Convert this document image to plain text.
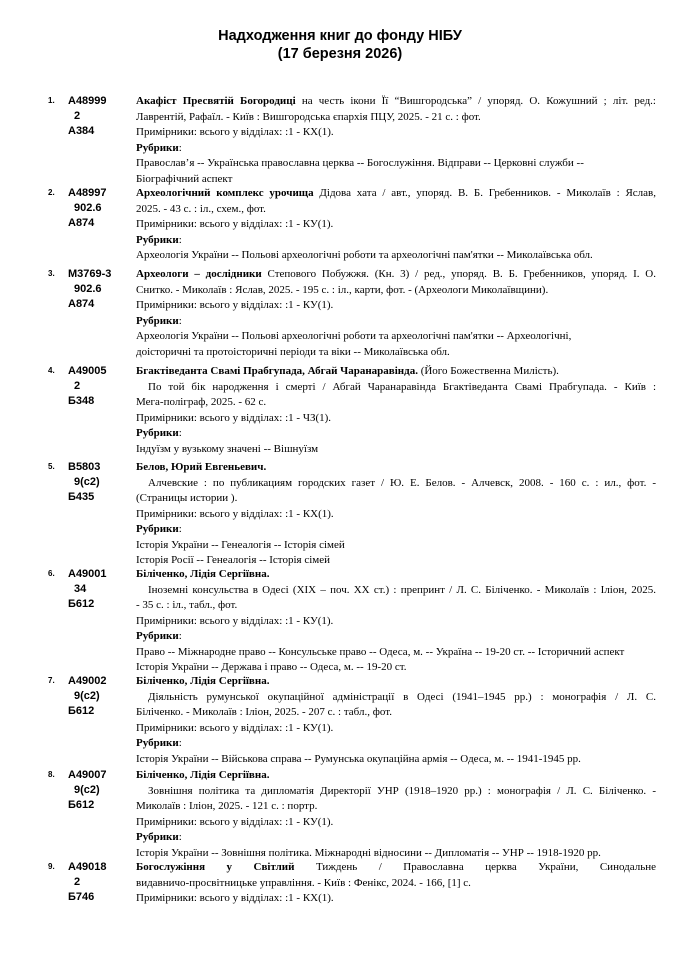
Надходження книг до фонду НІБУ
(17 березня 2026)
1. А48999
2
А384
Акафіст Пресвятій Богородиці на честь ікони Її “Вишгородська” / упоряд. О. Кожушний ; літ. ред.:
Лаврентій, Рафаїл. - Київ : Вишгородська єпархія ПЦУ, 2025. - 21 с. : фот.
Примірники: всього у відділах: :1 - КХ(1).
Рубрики:
Православ’я -- Українська православна церква -- Богослужіння. Відправи -- Церковні служби --
Біографічний аспект
2. А48997
902.6
А874
Археологічний комплекс урочища Дідова хата / авт., упоряд. В. Б. Гребенников. - Миколаїв : Яслав,
2025. - 43 с. : іл., схем., фот.
Примірники: всього у відділах: :1 - КУ(1).
Рубрики:
Археологія України -- Польові археологічні роботи та археологічні пам'ятки -- Миколаївська обл.
3. М3769-3
902.6
А874
Археологи – дослідники Степового Побужжя. (Кн. 3) / ред., упоряд. В. Б. Гребенников, упоряд. І. О.
Снитко. - Миколаїв : Яслав, 2025. - 195 с. : іл., карти, фот. - (Археологи Миколаївщини).
Примірники: всього у відділах: :1 - КУ(1).
Рубрики:
Археологія України -- Польові археологічні роботи та археологічні пам'ятки -- Археологічні,
доісторичні та протоісторичні періоди та віки -- Миколаївська обл.
4. А49005
2
Б348
Бгактіведанта Свамі Прабгупада, Абгай Чаранаравінда. (Його Божественна Милість).
По той бік народження і смерті / Абгай Чаранаравінда Бгактіведанта Свамі Прабгупада. - Київ :
Мега-поліграф, 2025. - 62 с.
Примірники: всього у відділах: :1 - ЧЗ(1).
Рубрики:
Індуїзм у вузькому значені -- Вішнуїзм
5. В5803
9(с2)
Б435
Белов, Юрий Евгеньевич.
Алчевские : по публикациям городских газет / Ю. Е. Белов. - Алчевск, 2008. - 160 с. : ил., фот. -
(Страницы истории ).
Примірники: всього у відділах: :1 - КХ(1).
Рубрики:
Історія України -- Генеалогія -- Історія сімей
Історія Росії -- Генеалогія -- Історія сімей
6. А49001
34
Б612
Біліченко, Лідія Сергіївна.
Іноземні консульства в Одесі (XIX – поч. XX ст.) : препринт / Л. С. Біліченко. - Миколаїв : Іліон, 2025.
- 35 с. : іл., табл., фот.
Примірники: всього у відділах: :1 - КУ(1).
Рубрики:
Право -- Міжнародне право -- Консульське право -- Одеса, м. -- Україна -- 19-20 ст. -- Історичний аспект
Історія України -- Держава і право -- Одеса, м. -- 19-20 ст.
7. А49002
9(с2)
Б612
Біліченко, Лідія Сергіївна.
Діяльність румунської окупаційної адміністрації в Одесі (1941–1945 рр.) : монографія / Л. С.
Біліченко. - Миколаїв : Іліон, 2025. - 207 с. : табл., фот.
Примірники: всього у відділах: :1 - КУ(1).
Рубрики:
Історія України -- Військова справа -- Румунська окупаційна армія -- Одеса, м. -- 1941-1945 рр.
8. А49007
9(с2)
Б612
Біліченко, Лідія Сергіївна.
Зовнішня політика та дипломатія Директорії УНР (1918–1920 рр.) : монографія / Л. С. Біліченко. -
Миколаїв : Іліон, 2025. - 121 с. : портр.
Примірники: всього у відділах: :1 - КУ(1).
Рубрики:
Історія України -- Зовнішня політика. Міжнародні відносини -- Дипломатія -- УНР -- 1918-1920 рр.
9. А49018
2
Б746
Богослужіння у Світлий Тиждень / Православна церква України, Синодальне
видавничо-просвітницьке управління. - Київ : Фенікс, 2024. - 166, [1] с.
Примірники: всього у відділах: :1 - КХ(1).
